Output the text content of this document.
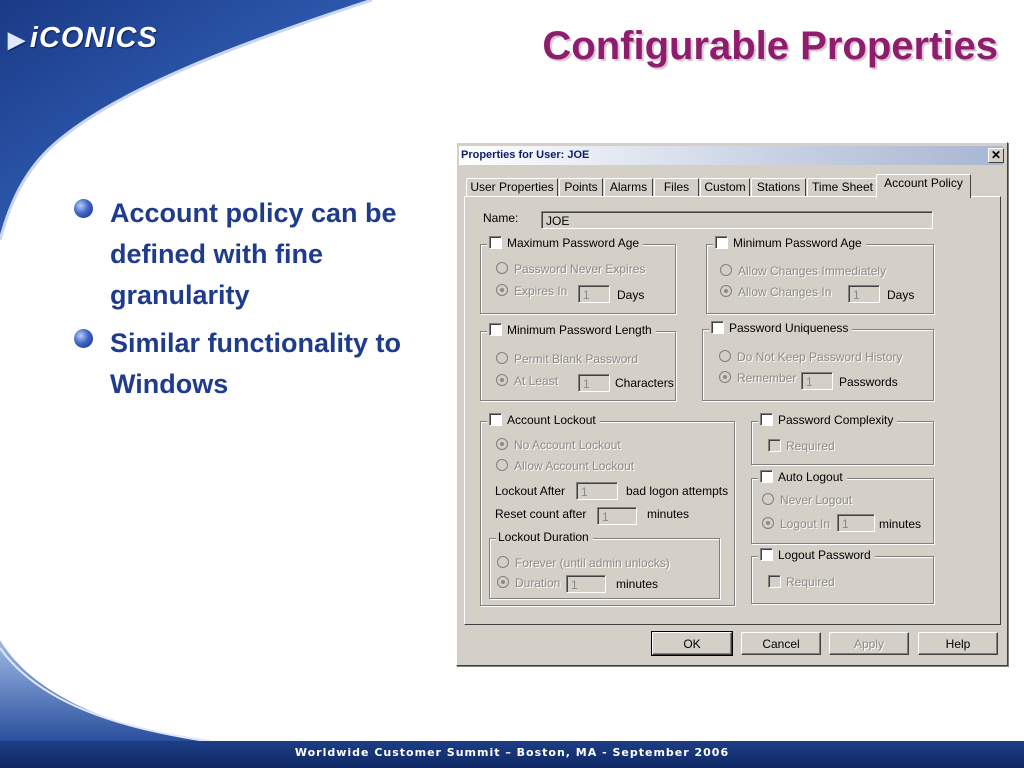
▶ iCONICS	Configurable Properties
Account policy can be defined with fine granularity
Similar functionality to Windows
Worldwide Customer Summit – Boston, MA - September 2006
Properties for User: JOE	✕
User Properties Points	Alarms	Files	Custom Stations Time Sheet Account Policy
Name:	JOE
Maximum Password Age
Password Never Expires
Expires In	1	Days
Minimum Password Age
Allow Changes Immediately
Allow Changes In	1	Days
Minimum Password Length
Permit Blank Password
At Least	1	Characters
Password Uniqueness
Do Not Keep Password History
Remember 1	Passwords
Account Lockout
No Account Lockout
Allow Account Lockout
Lockout After	1	bad logon attempts
Reset count after	1	minutes
Lockout Duration
Forever (until admin unlocks)
Duration 1	minutes
Password Complexity
Required
Auto Logout
Never Logout
Logout In 1	minutes
Logout Password
Required
OK	Cancel	Apply	Help
